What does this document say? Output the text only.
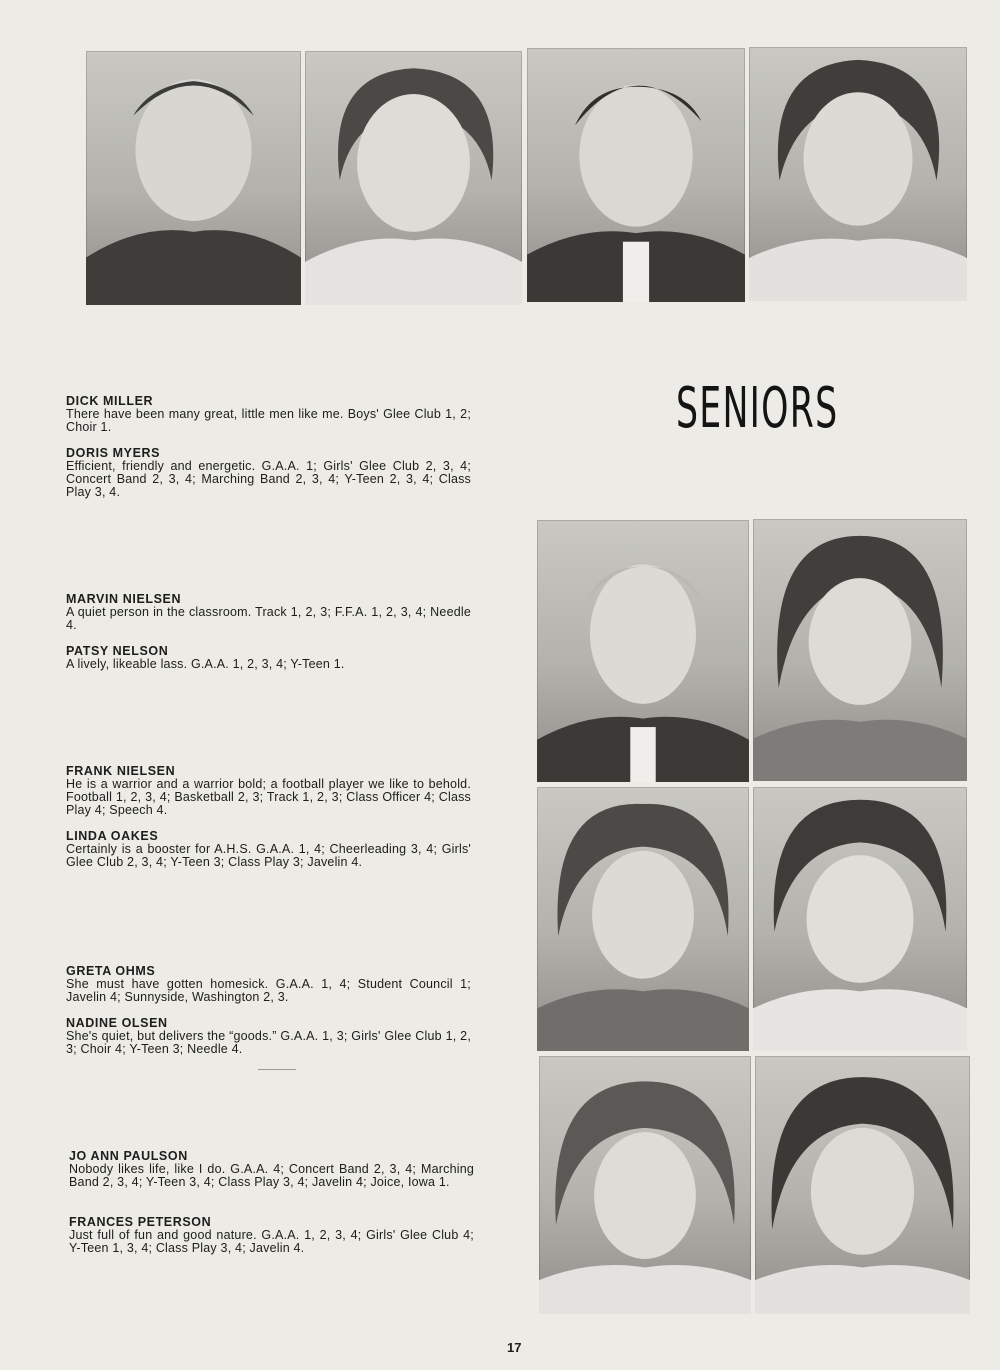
SENIORS

DICK MILLER

There have been many great, little men like me. Boys' Glee Club 1, 2; Choir 1.

DORIS MYERS

Efficient, friendly and energetic. G.A.A. 1; Girls' Glee Club 2, 3, 4; Concert Band 2, 3, 4; Marching Band 2, 3, 4; Y-Teen 2, 3, 4; Class Play 3, 4.

MARVIN NIELSEN

A quiet person in the classroom. Track 1, 2, 3; F.F.A. 1, 2, 3, 4; Needle 4.

PATSY NELSON

A lively, likeable lass. G.A.A. 1, 2, 3, 4; Y-Teen 1.

FRANK NIELSEN

He is a warrior and a warrior bold; a football player we like to behold. Football 1, 2, 3, 4; Basketball 2, 3; Track 1, 2, 3; Class Officer 4; Class Play 4; Speech 4.

LINDA OAKES

Certainly is a booster for A.H.S. G.A.A. 1, 4; Cheerleading 3, 4; Girls' Glee Club 2, 3, 4; Y-Teen 3; Class Play 3; Javelin 4.

GRETA OHMS

She must have gotten homesick. G.A.A. 1, 4; Student Council 1; Javelin 4; Sunnyside, Washington 2, 3.

NADINE OLSEN

She's quiet, but delivers the “goods.” G.A.A. 1, 3; Girls' Glee Club 1, 2, 3; Choir 4; Y-Teen 3; Needle 4.

JO ANN PAULSON

Nobody likes life, like I do. G.A.A. 4; Concert Band 2, 3, 4; Marching Band 2, 3, 4; Y-Teen 3, 4; Class Play 3, 4; Javelin 4; Joice, Iowa 1.

FRANCES PETERSON

Just full of fun and good nature. G.A.A. 1, 2, 3, 4; Girls' Glee Club 4; Y-Teen 1, 3, 4; Class Play 3, 4; Javelin 4.

17
